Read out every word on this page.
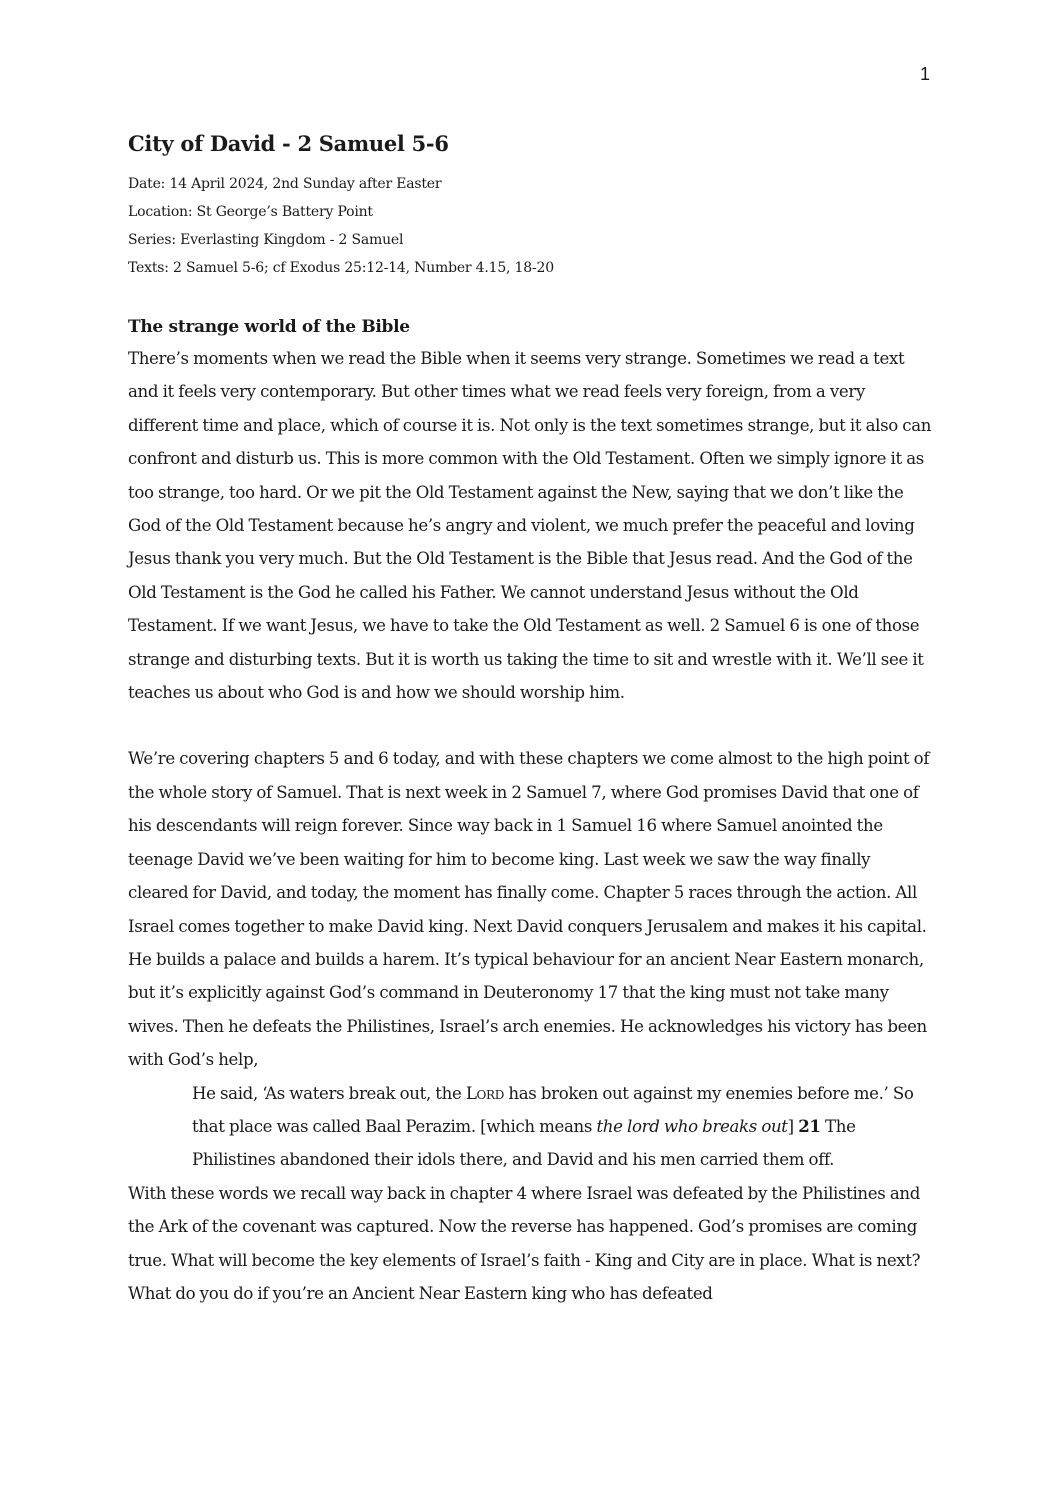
1
City of David - 2 Samuel 5-6

Date: 14 April 2024, 2nd Sunday after Easter

Location: St George’s Battery Point

Series: Everlasting Kingdom - 2 Samuel

Texts: 2 Samuel 5-6; cf Exodus 25:12-14, Number 4.15, 18-20

The strange world of the Bible

There’s moments when we read the Bible when it seems very strange. Sometimes we read a text and it feels very contemporary. But other times what we read feels very foreign, from a very different time and place, which of course it is. Not only is the text sometimes strange, but it also can confront and disturb us. This is more common with the Old Testament. Often we simply ignore it as too strange, too hard. Or we pit the Old Testament against the New, saying that we don’t like the God of the Old Testament because he’s angry and violent, we much prefer the peaceful and loving Jesus thank you very much. But the Old Testament is the Bible that Jesus read. And the God of the Old Testament is the God he called his Father. We cannot understand Jesus without the Old Testament. If we want Jesus, we have to take the Old Testament as well. 2 Samuel 6 is one of those strange and disturbing texts. But it is worth us taking the time to sit and wrestle with it. We’ll see it teaches us about who God is and how we should worship him.

We’re covering chapters 5 and 6 today, and with these chapters we come almost to the high point of the whole story of Samuel. That is next week in 2 Samuel 7, where God promises David that one of his descendants will reign forever. Since way back in 1 Samuel 16 where Samuel anointed the teenage David we’ve been waiting for him to become king. Last week we saw the way finally cleared for David, and today, the moment has finally come. Chapter 5 races through the action. All Israel comes together to make David king. Next David conquers Jerusalem and makes it his capital. He builds a palace and builds a harem. It’s typical behaviour for an ancient Near Eastern monarch, but it’s explicitly against God’s command in Deuteronomy 17 that the king must not take many wives. Then he defeats the Philistines, Israel’s arch enemies. He acknowledges his victory has been with God’s help,

He said, ‘As waters break out, the Lord has broken out against my enemies before me.’ So that place was called Baal Perazim. [which means the lord who breaks out] 21 The Philistines abandoned their idols there, and David and his men carried them off.

With these words we recall way back in chapter 4 where Israel was defeated by the Philistines and the Ark of the covenant was captured. Now the reverse has happened. God’s promises are coming true. What will become the key elements of Israel’s faith - King and City are in place. What is next? What do you do if you’re an Ancient Near Eastern king who has defeated
